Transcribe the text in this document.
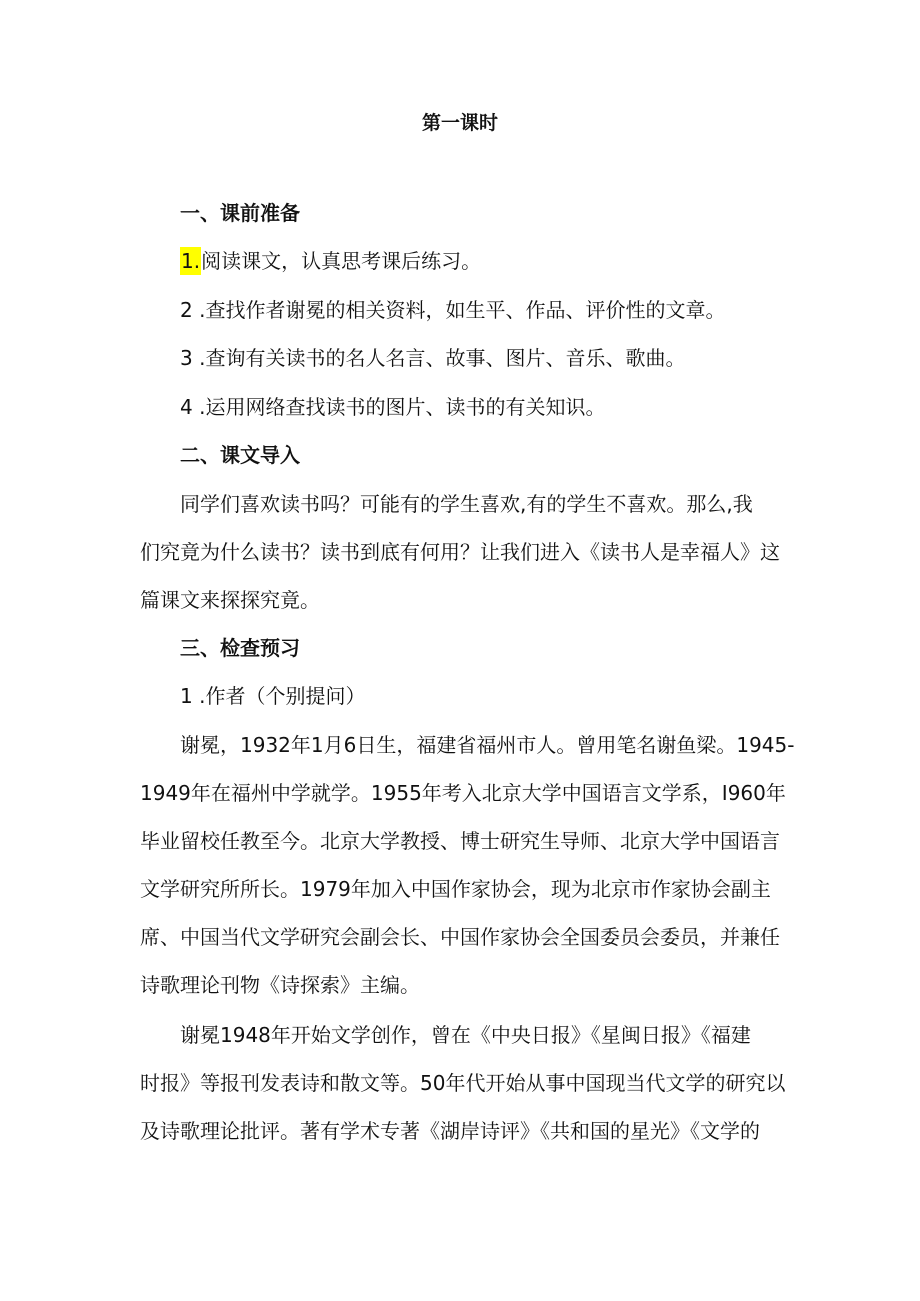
第一课时
一、课前准备
1.阅读课文，认真思考课后练习。
2 .查找作者谢冕的相关资料，如生平、作品、评价性的文章。
3 .查询有关读书的名人名言、故事、图片、音乐、歌曲。
4 .运用网络查找读书的图片、读书的有关知识。
二、课文导入
同学们喜欢读书吗？可能有的学生喜欢,有的学生不喜欢。那么,我
们究竟为什么读书？读书到底有何用？让我们进入《读书人是幸福人》这
篇课文来探探究竟。
三、检查预习
1 .作者（个别提问）
谢冕，1932年1月6日生，福建省福州市人。曾用笔名谢鱼梁。1945-
1949年在福州中学就学。1955年考入北京大学中国语言文学系，I960年
毕业留校任教至今。北京大学教授、博士研究生导师、北京大学中国语言
文学研究所所长。1979年加入中国作家协会，现为北京市作家协会副主
席、中国当代文学研究会副会长、中国作家协会全国委员会委员，并兼任
诗歌理论刊物《诗探索》主编。
谢冕1948年开始文学创作，曾在《中央日报》《星闽日报》《福建
时报》等报刊发表诗和散文等。50年代开始从事中国现当代文学的研究以
及诗歌理论批评。著有学术专著《湖岸诗评》《共和国的星光》《文学的
